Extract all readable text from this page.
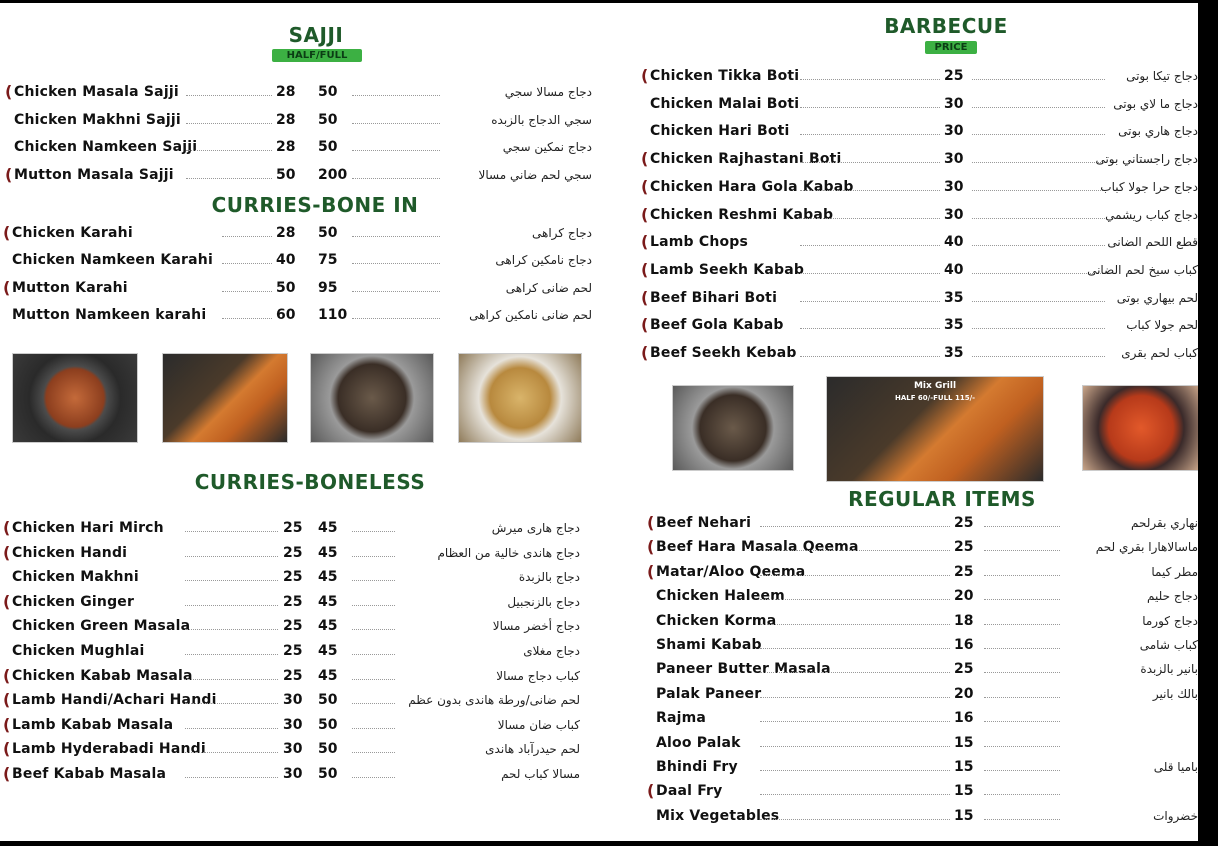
SAJJI
HALF/FULL
( Chicken Masala Sajji	28 50	دجاج مسالا سجي
Chicken Makhni Sajji	28 50	سجي الدجاج بالزبده
Chicken Namkeen Sajji	28 50	دجاج نمكين سجي
( Mutton Masala Sajji	50 200	سجي لحم ضاني مسالا
CURRIES-BONE IN
( Chicken Karahi	28 50	دجاج كراهى
Chicken Namkeen Karahi	40 75	دجاج نامكين كراهى
( Mutton Karahi	50 95	لحم ضانى كراهى
Mutton Namkeen karahi	60 110	لحم ضانى نامكين كراهى
CURRIES-BONELESS
( Chicken Hari Mirch	25 45	دجاج هارى ميرش
( Chicken Handi	25 45	دجاج هاندى خالية من العظام
Chicken Makhni	25 45	دجاج بالزبدة
( Chicken Ginger	25 45	دجاج بالزنجبيل
Chicken Green Masala	25 45	دجاج أخضر مسالا
Chicken Mughlai	25 45	دجاج مغلاى
( Chicken Kabab Masala	25 45	كباب دجاج مسالا
( Lamb Handi/Achari Handi	30 50	لحم ضانى/ورطة هاندى بدون عظم
( Lamb Kabab Masala	30 50	كباب ضان مسالا
( Lamb Hyderabadi Handi	30 50	لحم حيدرآباد هاندى
( Beef Kabab Masala	30 50	مسالا كباب لحم
BARBECUE
PRICE
( Chicken Tikka Boti	25	دجاج تيكا بوتى
Chicken Malai Boti	30	دجاج ما لاي بوتى
Chicken Hari Boti	30	دجاج هاري بوتى
( Chicken Rajhastani Boti	30	دجاج راجستاني بوتى
( Chicken Hara Gola Kabab	30	دجاج حرا جولا كباب
( Chicken Reshmi Kabab	30	دجاج كباب ريشمي
( Lamb Chops	40	قطع اللحم الضانى
( Lamb Seekh Kabab	40	كباب سيخ لحم الضانى
( Beef Bihari Boti	35	لحم بيهاري بوتى
( Beef Gola Kabab	35	لحم جولا كباب
( Beef Seekh Kebab	35	كباب لحم بقرى
Mix Grill
HALF 60/-FULL 115/-
REGULAR ITEMS
( Beef Nehari	25	نهاري بقرلحم
( Beef Hara Masala Qeema	25	ماسالاهارا بقري لحم
( Matar/Aloo Qeema	25	مطر كيما
Chicken Haleem	20	دجاج حليم
Chicken Korma	18	دجاج كورما
Shami Kabab	16	كباب شامى
Paneer Butter Masala	25	بانير بالزبدة
Palak Paneer	20	بالك بانير
Rajma	16
Aloo Palak	15
Bhindi Fry	15	باميا قلى
( Daal Fry	15
Mix Vegetables	15	خضروات
